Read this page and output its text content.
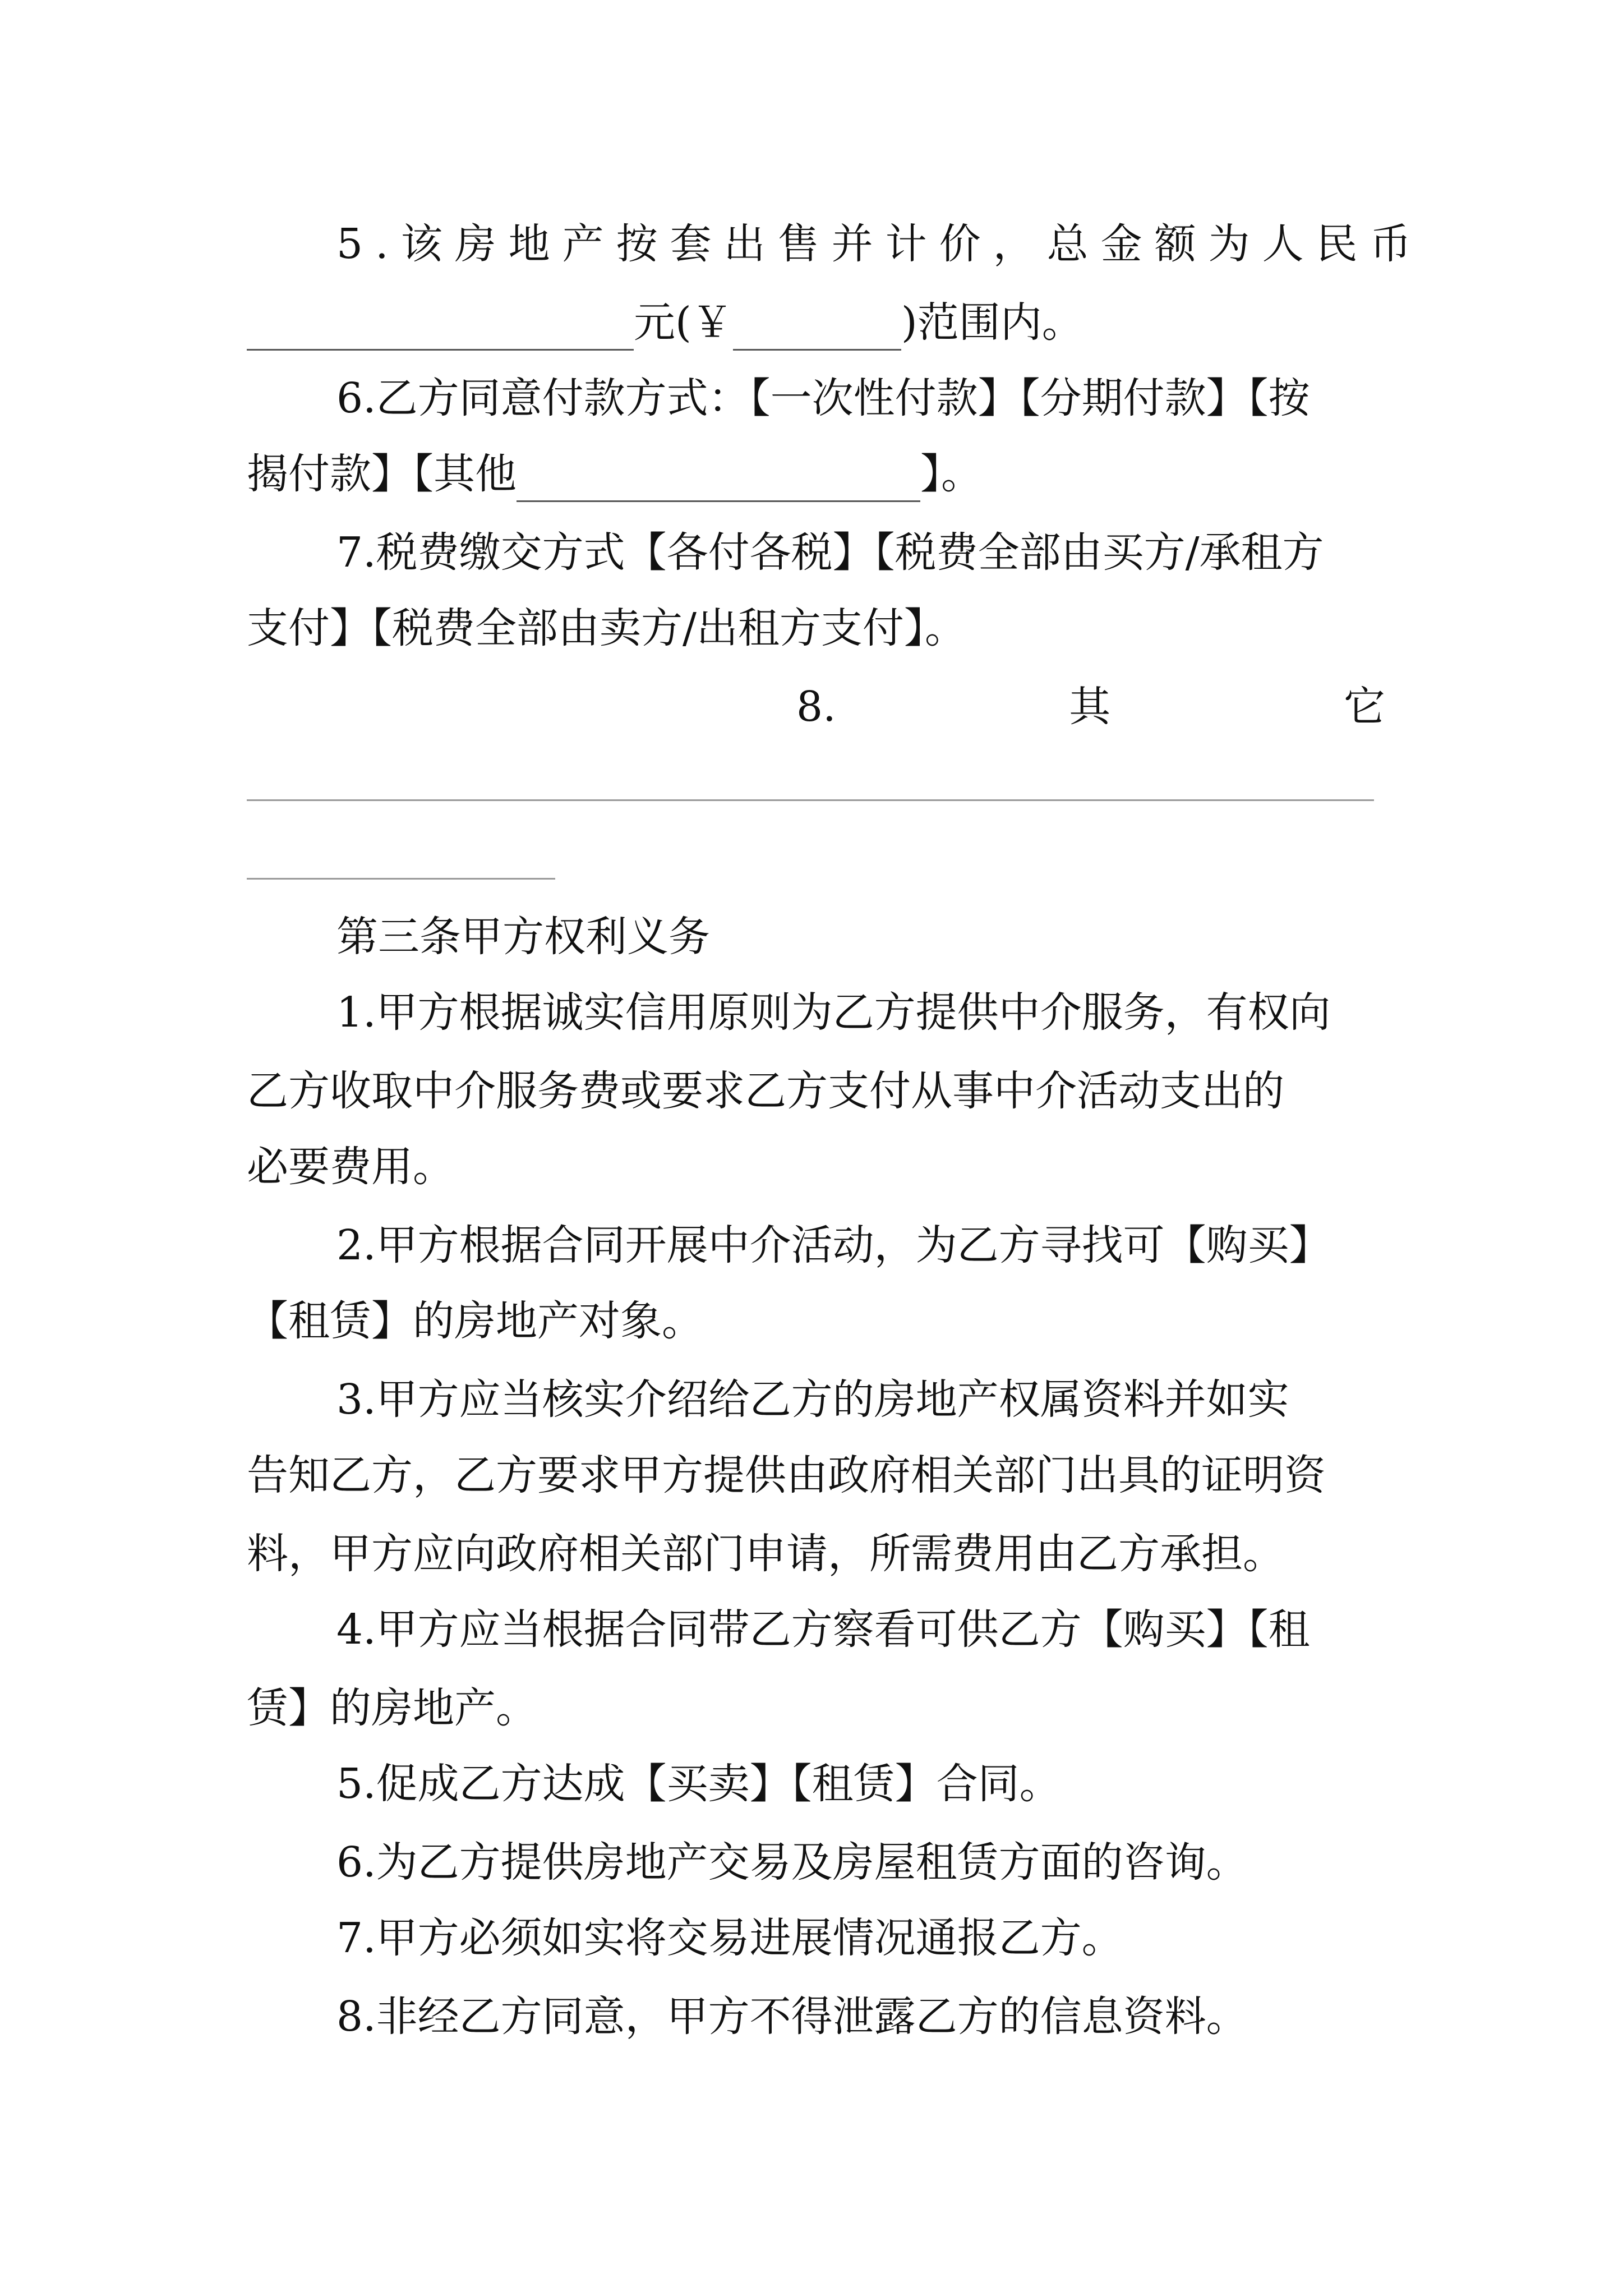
5.该房地产按套出售并计价，总金额为人民币
元(￥	)范围内。
6.乙方同意付款方式：【一次性付款】【分期付款】【按
揭付款】【其他	】。
7.税费缴交方式【各付各税】【税费全部由买方/承租方
支付】【税费全部由卖方/出租方支付】。
8.	其	它
第三条甲方权利义务
1.甲方根据诚实信用原则为乙方提供中介服务，有权向
乙方收取中介服务费或要求乙方支付从事中介活动支出的
必要费用。
2.甲方根据合同开展中介活动，为乙方寻找可【购买】
【租赁】的房地产对象。
3.甲方应当核实介绍给乙方的房地产权属资料并如实
告知乙方，乙方要求甲方提供由政府相关部门出具的证明资
料，甲方应向政府相关部门申请，所需费用由乙方承担。
4.甲方应当根据合同带乙方察看可供乙方【购买】【租
赁】的房地产。
5.促成乙方达成【买卖】【租赁】合同。
6.为乙方提供房地产交易及房屋租赁方面的咨询。
7.甲方必须如实将交易进展情况通报乙方。
8.非经乙方同意，甲方不得泄露乙方的信息资料。
